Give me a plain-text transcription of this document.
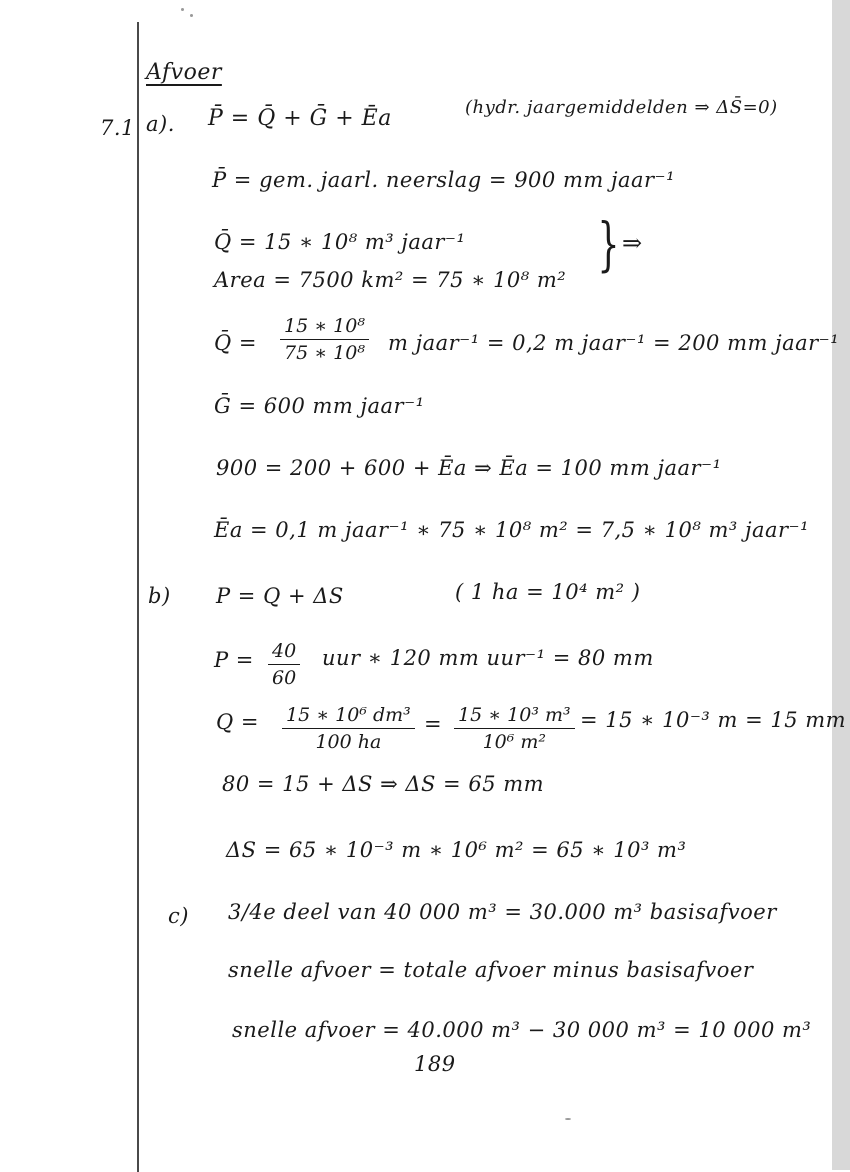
Afvoer
7.1 a). P̄ = Q̄ + Ḡ + Ēa	(hydr. jaargemiddelden ⇒ ΔS̄=0)
P̄ = gem. jaarl. neerslag = 900 mm jaar⁻¹
Q̄ = 15 ∗ 10⁸ m³ jaar⁻¹
Area = 7500 km² = 75 ∗ 10⁸ m²
} ⇒
Q̄ = $\frac{\text{15 ∗ 10⁸}}{\text{75 ∗ 10⁸}}$ m jaar⁻¹ = 0,2 m jaar⁻¹ = 200 mm jaar⁻¹
Ḡ = 600 mm jaar⁻¹
900 = 200 + 600 + Ēa ⇒ Ēa = 100 mm jaar⁻¹
Ēa = 0,1 m jaar⁻¹ ∗ 75 ∗ 10⁸ m² = 7,5 ∗ 10⁸ m³ jaar⁻¹
b) P = Q + ΔS	( 1 ha = 10⁴ m² )
$P = \frac{40}{60}$ uur ∗ 120 mm uur⁻¹ = 80 mm
$Q = \frac{\text{15 ∗ 10⁶ dm³}}{100 ha} = \frac{\text{15 ∗ 10³ m³}}{\text{10⁶ m²}} = 15$ ∗ 10⁻³ m = 15 mm
80 = 15 + ΔS ⇒ ΔS = 65 mm
ΔS = 65 ∗ 10⁻³ m ∗ 10⁶ m² = 65 ∗ 10³ m³
c) 3/4e deel van 40 000 m³ = 30.000 m³ basisafvoer
snelle afvoer = totale afvoer minus basisafvoer
snelle afvoer = 40.000 m³ − 30 000 m³ = 10 000 m³
189
